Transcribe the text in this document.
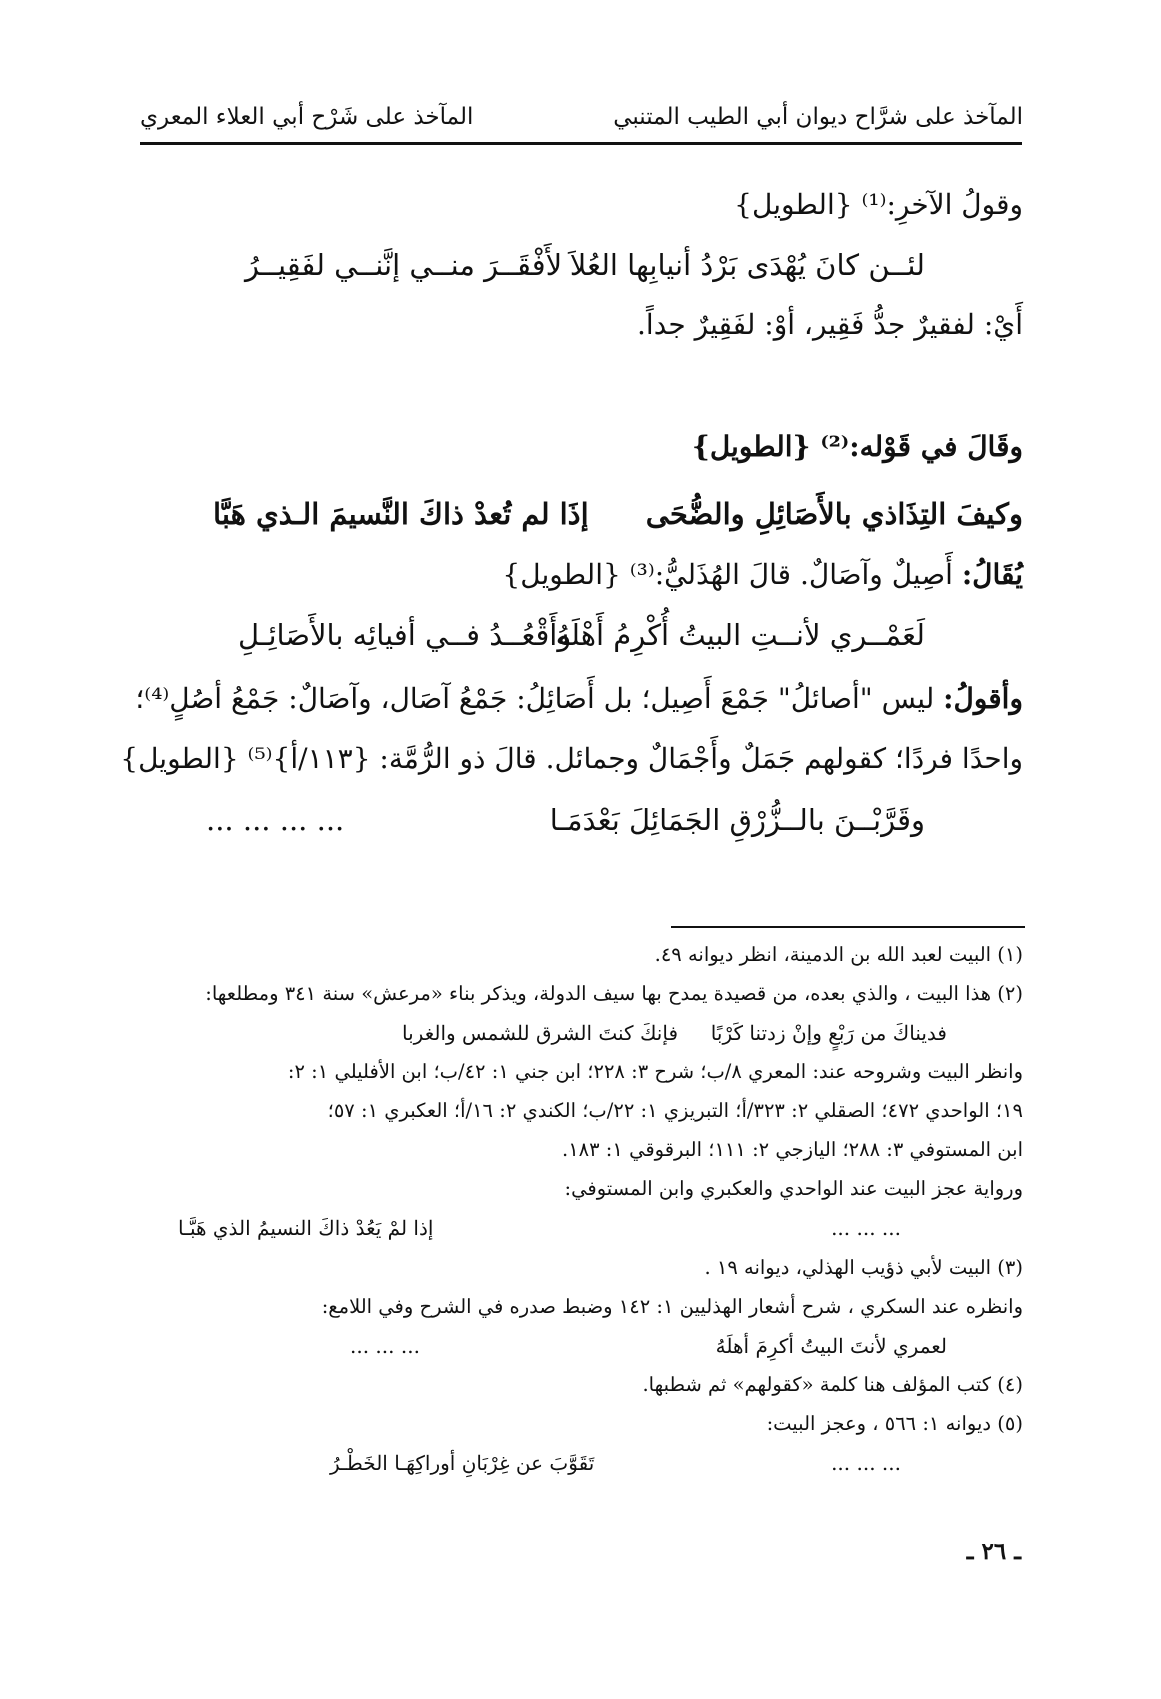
المآخذ على شرَّاح ديوان أبي الطيب المتنبي
المآخذ على شَرْح أبي العلاء المعري
وقولُ الآخرِ:⁽¹⁾ {الطويل}
لئــن كانَ يُهْدَى بَرْدُ أنيابِها العُلاَ
لأَفْقَــرَ منــي إنَّنــي لفَقِيــرُ
أَيْ: لفقيرٌ جدُّ فَقِير، أوْ: لفَقِيرٌ جداً.
وقَالَ في قَوْله:⁽²⁾ {الطويل}
وكيفَ التِذَاذي بالأَصَائِلِ والضُّحَى
إذَا لم تُعدْ ذاكَ النَّسيمَ الـذي هَبَّا
يُقَالُ: أَصِيلٌ وآصَالٌ. قالَ الهُذَليُّ:⁽³⁾ {الطويل}
لَعَمْــري لأنــتِ البيتُ أُكْرِمُ أَهْلَهُ
وأَقْعُــدُ فــي أفيائِه بالأَصَائِـلِ
وأقولُ: ليس "أصائلُ" جَمْعَ أَصِيل؛ بل أَصَائِلُ: جَمْعُ آصَال، وآصَالٌ: جَمْعُ أصُلٍ⁽⁴⁾؛
واحدًا فردًا؛ كقولهم جَمَلٌ وأَجْمَالٌ وجمائل. قالَ ذو الرُّمَّة: {١١٣/أ}⁽⁵⁾ {الطويل}
وقَرَّبْــنَ بالــزُّرْقِ الجَمَائِلَ بَعْدَمَـا
... ... ... ...
(١) البيت لعبد الله بن الدمينة، انظر ديوانه ٤٩.
(٢) هذا البيت ، والذي بعده، من قصيدة يمدح بها سيف الدولة، ويذكر بناء «مرعش» سنة ٣٤١ ومطلعها:
فديناكَ من رَبْعٍ وإنْ زدتنا كَرْبًا
فإنكَ كنتَ الشرق للشمس والغربا
وانظر البيت وشروحه عند: المعري ٨/ب؛ شرح ٣: ٢٢٨؛ ابن جني ١: ٤٢/ب؛ ابن الأفليلي ١: ٢:
١٩؛ الواحدي ٤٧٢؛ الصقلي ٢: ٣٢٣/أ؛ التبريزي ١: ٢٢/ب؛ الكندي ٢: ١٦/أ؛ العكبري ١: ٥٧؛
ابن المستوفي ٣: ٢٨٨؛ اليازجي ٢: ١١١؛ البرقوقي ١: ١٨٣.
ورواية عجز البيت عند الواحدي والعكبري وابن المستوفي:
... ... ...
إذا لمْ يَعُدْ ذاكَ النسيمُ الذي هَبَّـا
(٣) البيت لأبي ذؤيب الهذلي، ديوانه ١٩ .
وانظره عند السكري ، شرح أشعار الهذليين ١: ١٤٢ وضبط صدره في الشرح وفي اللامع:
لعمري لأنتَ البيتُ أكرِمَ أهلَهُ
... ... ...
(٤) كتب المؤلف هنا كلمة «كقولهم» ثم شطبها.
(٥) ديوانه ١: ٥٦٦ ، وعجز البيت:
... ... ...
تَقَوَّبَ عن غِرْبَانِ أوراكِهَـا الخَطْـرُ
ـ ٢٦ ـ
